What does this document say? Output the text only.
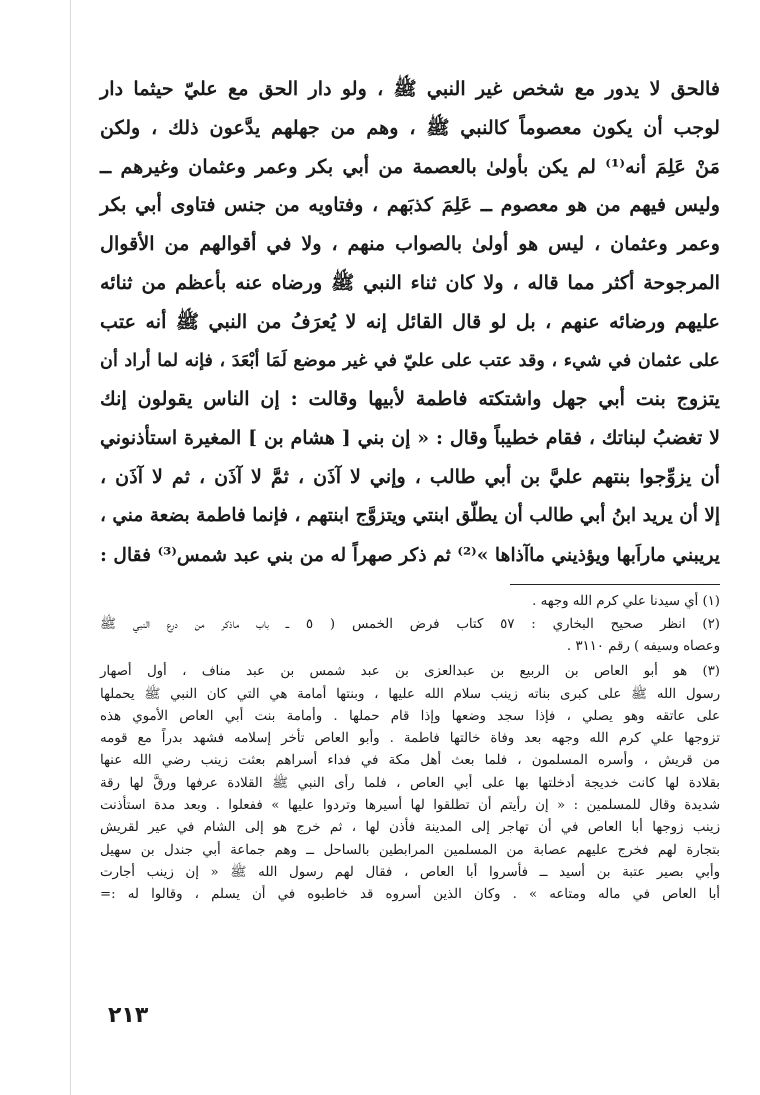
فالحق لا يدور مع شخص غير النبي ﷺ ، ولو دار الحق مع عليّ حيثما دار
لوجب أن يكون معصوماً كالنبي ﷺ ، وهم من جهلهم يدَّعون ذلك ، ولكن
مَنْ عَلِمَ أنه⁽¹⁾ لم يكن بأولىٰ بالعصمة من أبي بكر وعمر وعثمان وغيرهم ــ
وليس فيهم من هو معصوم ــ عَلِمَ كذبَهم ، وفتاويه من جنس فتاوى أبي بكر
وعمر وعثمان ، ليس هو أولىٰ بالصواب منهم ، ولا في أقوالهم من الأقوال
المرجوحة أكثر مما قاله ، ولا كان ثناء النبي ﷺ ورضاه عنه بأعظم من ثنائه
عليهم ورضائه عنهم ، بل لو قال القائل إنه لا يُعرَفُ من النبي ﷺ أنه عتب
على عثمان في شيء ، وقد عتب على عليّ في غير موضع لَمَا أبْعَدَ ، فإنه لما أراد أن
يتزوج بنت أبي جهل واشتكته فاطمة لأبيها وقالت : إن الناس يقولون إنك
لا تغضبُ لبناتك ، فقام خطيباً وقال : « إن بني [ هشام بن ] المغيرة استأذنوني
أن يزوِّجوا بنتهم عليَّ بن أبي طالب ، وإني لا آذَن ، ثمَّ لا آذَن ، ثم لا آذَن ،
إلا أن يريد ابنُ أبي طالب أن يطلّق ابنتي ويتزوَّج ابنتهم ، فإنما فاطمة بضعة مني ،
يريبني ماراَبها ويؤذيني ماآذاها »⁽²⁾ ثم ذكر صهراً له من بني عبد شمس⁽³⁾ فقال :
(١) أي سيدنا علي كرم الله وجهه .
(٢) انظر صحيح البخاري : ٥٧ كتاب فرض الخمس ( ٥ ــ باب ماذكر من درع النبي ﷺ
وعصاه وسيفه ) رقم ٣١١٠ .
(٣) هو أبو العاص بن الربيع بن عبدالعزى بن عبد شمس بن عبد مناف ، أول أصهار
رسول الله ﷺ على كبرى بناته زينب سلام الله عليها ، وبنتها أمامة هي التي كان النبي ﷺ يحملها
على عاتقه وهو يصلي ، فإذا سجد وضعها وإذا قام حملها . وأمامة بنت أبي العاص الأموي هذه
تزوجها علي كرم الله وجهه بعد وفاة خالتها فاطمة . وأبو العاص تأخر إسلامه فشهد بدراً مع قومه
من قريش ، وأسره المسلمون ، فلما بعث أهل مكة في فداء أسراهم بعثت زينب رضي الله عنها
بقلادة لها كانت خديجة أدخلتها بها على أبي العاص ، فلما رأى النبي ﷺ القلادة عرفها ورقَّ لها رقة
شديدة وقال للمسلمين : « إن رأيتم أن تطلقوا لها أسيرها وتردوا عليها » ففعلوا . وبعد مدة استأذنت
زينب زوجها أبا العاص في أن تهاجر إلى المدينة فأذن لها ، ثم خرج هو إلى الشام في عير لقريش
بتجارة لهم فخرج عليهم عصابة من المسلمين المرابطين بالساحل ــ وهم جماعة أبي جندل بن سهيل
وأبي بصير عتبة بن أسيد ــ فأسروا أبا العاص ، فقال لهم رسول الله ﷺ « إن زينب أجارت
أبا العاص في ماله ومتاعه » . وكان الذين أسروه قد خاطبوه في أن يسلم ، وقالوا له :=
٢١٣
